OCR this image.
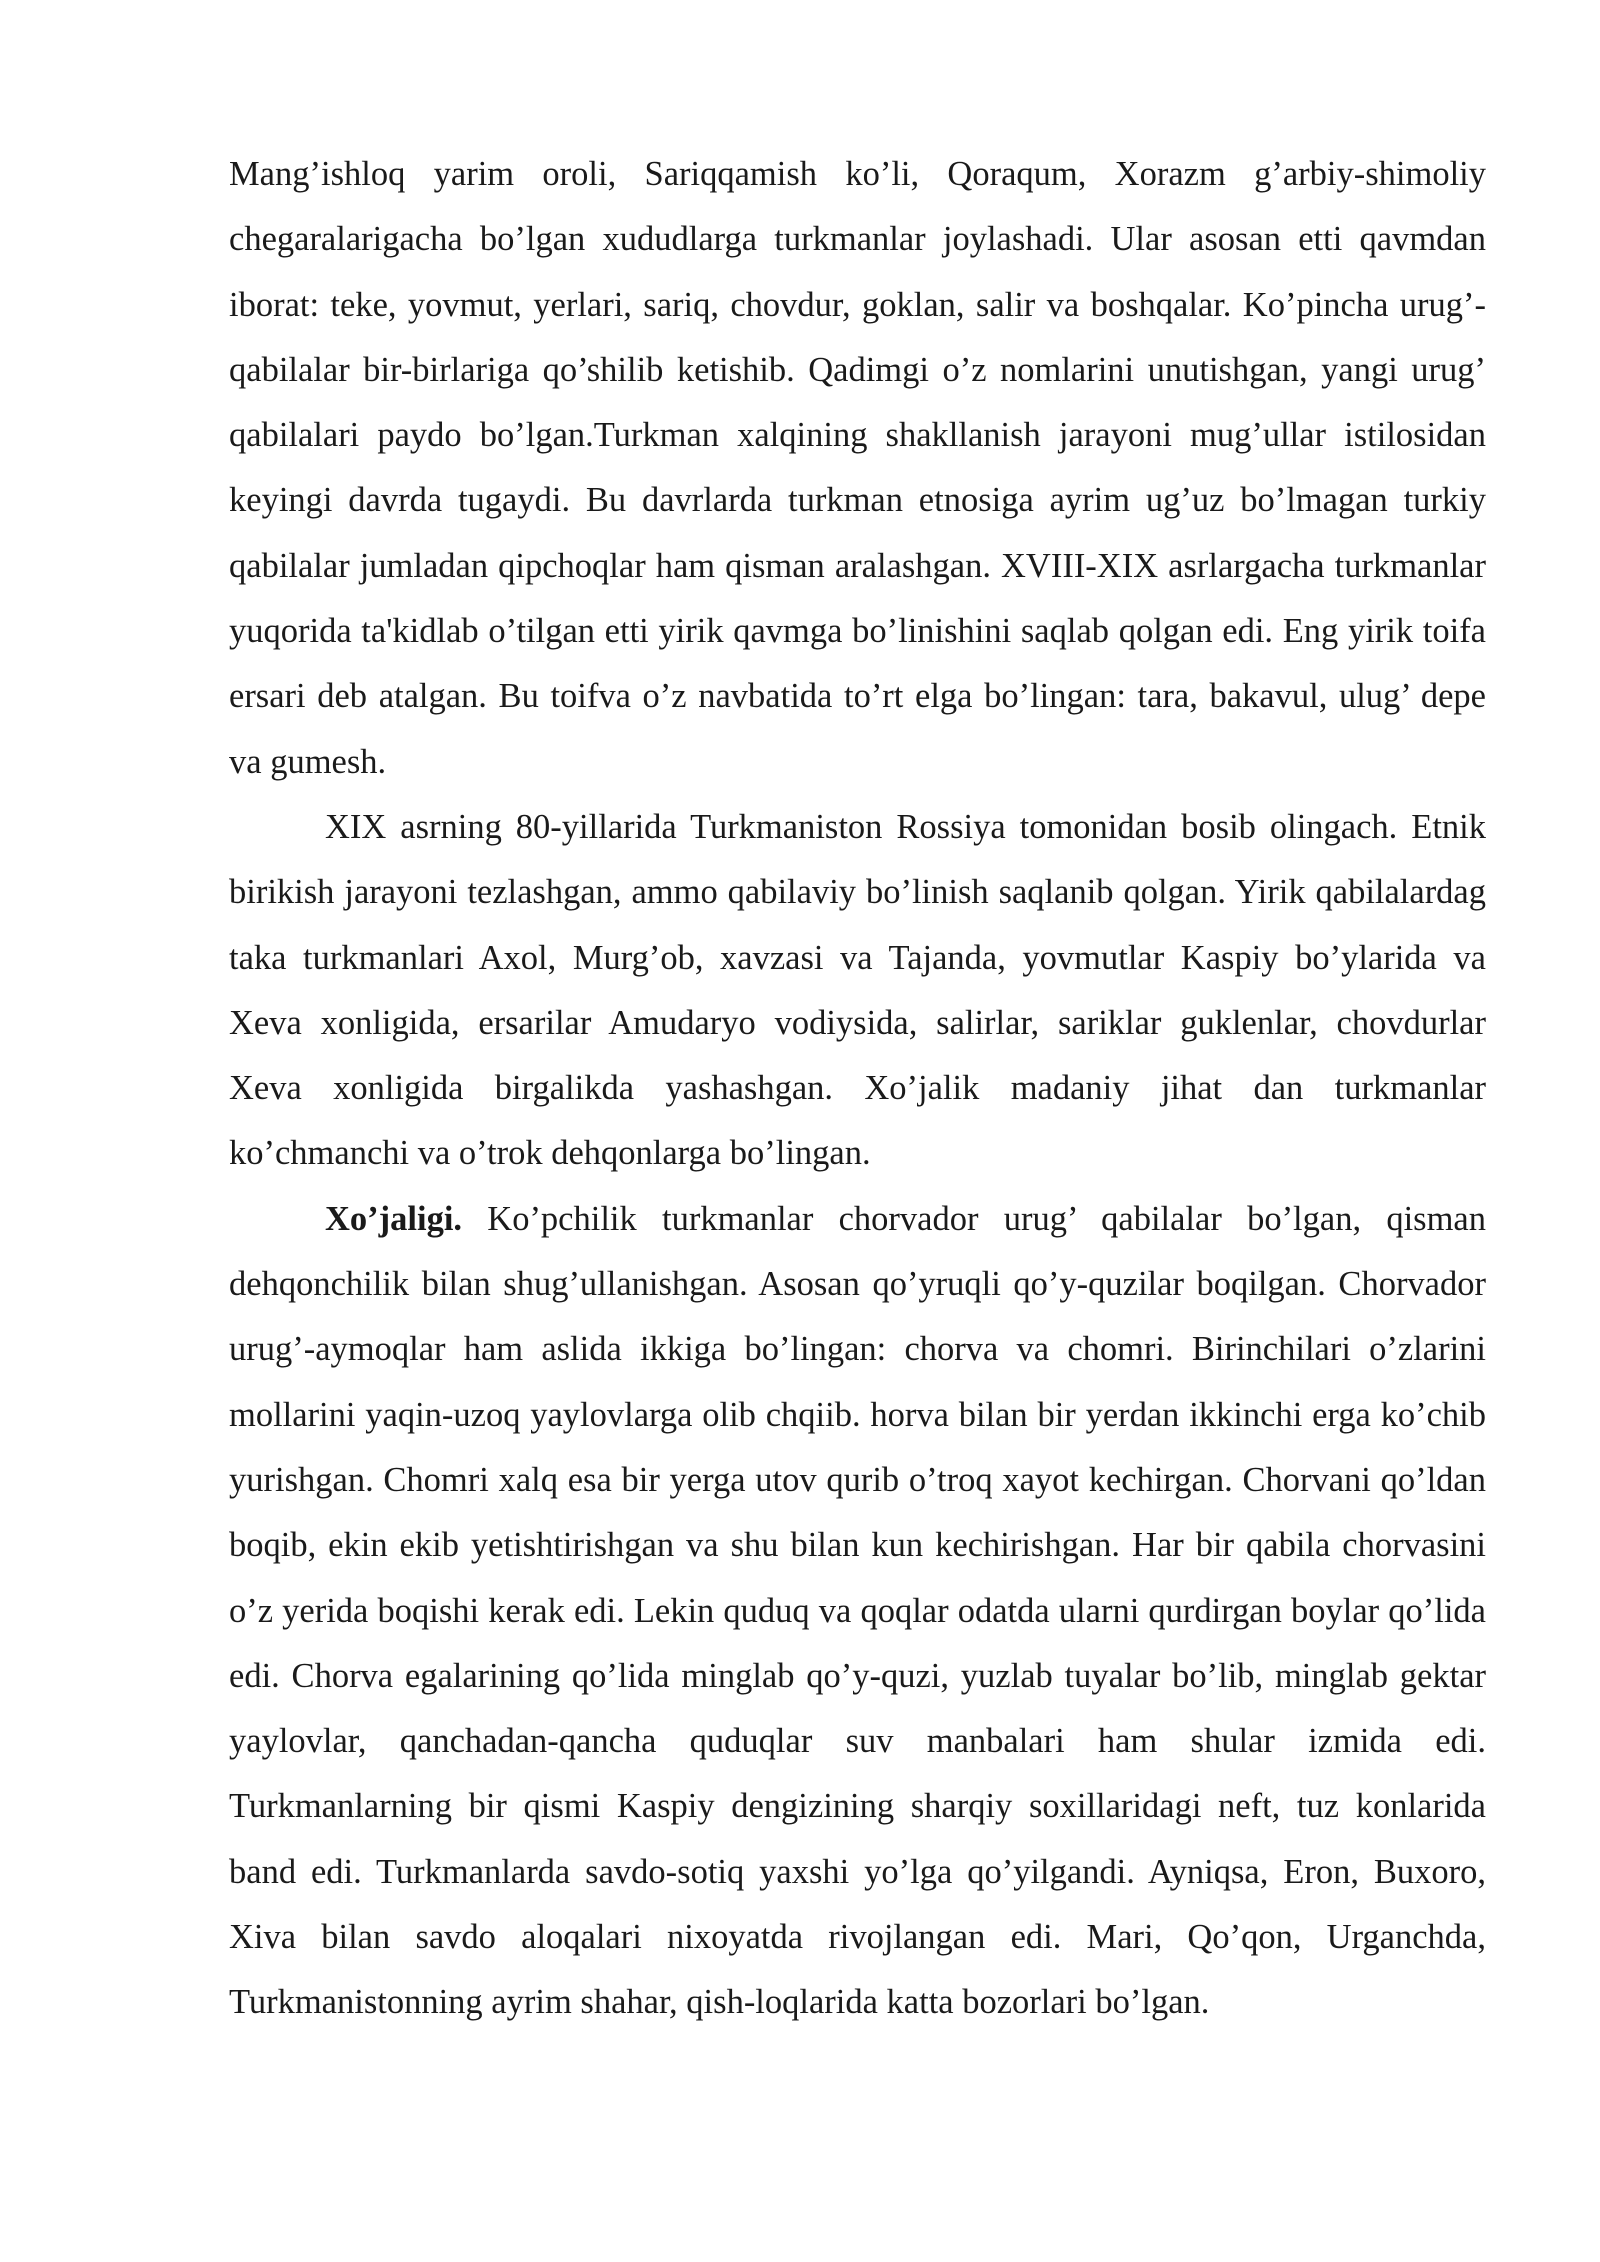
Mang’ishloq yarim oroli, Sariqqamish ko’li, Qoraqum, Xorazm g’arbiy-shimoliy chegaralarigacha bo’lgan xududlarga turkmanlar joylashadi. Ular asosan etti qavmdan iborat: teke, yovmut, yerlari, sariq, chovdur, goklan, salir va boshqalar. Ko’pincha urug’-qabilalar bir-birlariga qo’shilib ketishib. Qadimgi o’z nomlarini unutishgan, yangi urug’ qabilalari paydo bo’lgan.Turkman xalqining shakllanish jarayoni mug’ullar istilosidan keyingi davrda tugaydi. Bu davrlarda turkman etnosiga ayrim ug’uz bo’lmagan turkiy qabilalar jumladan qipchoqlar ham qisman aralashgan. XVIII-XIX asrlargacha turkmanlar yuqorida ta'kidlab o’tilgan etti yirik qavmga bo’linishini saqlab qolgan edi. Eng yirik toifa ersari deb atalgan. Bu toifva o’z navbatida to’rt elga bo’lingan: tara, bakavul, ulug’ depe va gumesh.

XIX asrning 80-yillarida Turkmaniston Rossiya tomonidan bosib olingach. Etnik birikish jarayoni tezlashgan, ammo qabilaviy bo’linish saqlanib qolgan. Yirik qabilalardag taka turkmanlari Axol, Murg’ob, xavzasi va Tajanda, yovmutlar Kaspiy bo’ylarida va Xeva xonligida, ersarilar Amudaryo vodiysida, salirlar, sariklar guklenlar, chovdurlar Xeva xonligida birgalikda yashashgan. Xo’jalik madaniy jihat dan turkmanlar ko’chmanchi va o’trok dehqonlarga bo’lingan.

Xo’jaligi. Ko’pchilik turkmanlar chorvador urug’ qabilalar bo’lgan, qisman dehqonchilik bilan shug’ullanishgan. Asosan qo’yruqli qo’y-quzilar boqilgan. Chorvador urug’-aymoqlar ham aslida ikkiga bo’lingan: chorva va chomri. Birinchilari o’zlarini mollarini yaqin-uzoq yaylovlarga olib chqiib. horva bilan bir yerdan ikkinchi erga ko’chib yurishgan. Chomri xalq esa bir yerga utov qurib o’troq xayot kechirgan. Chorvani qo’ldan boqib, ekin ekib yetishtirishgan va shu bilan kun kechirishgan. Har bir qabila chorvasini o’z yerida boqishi kerak edi. Lekin quduq va qoqlar odatda ularni qurdirgan boylar qo’lida edi. Chorva egalarining qo’lida minglab qo’y-quzi, yuzlab tuyalar bo’lib, minglab gektar yaylovlar, qanchadan-qancha quduqlar suv manbalari ham shular izmida edi. Turkmanlarning bir qismi Kaspiy dengizining sharqiy soxillaridagi neft, tuz konlarida band edi. Turkmanlarda savdo-sotiq yaxshi yo’lga qo’yilgandi. Ayniqsa, Eron, Buxoro, Xiva bilan savdo aloqalari nixoyatda rivojlangan edi. Mari, Qo’qon, Urganchda, Turkmanistonning ayrim shahar, qish-loqlarida katta bozorlari bo’lgan.
